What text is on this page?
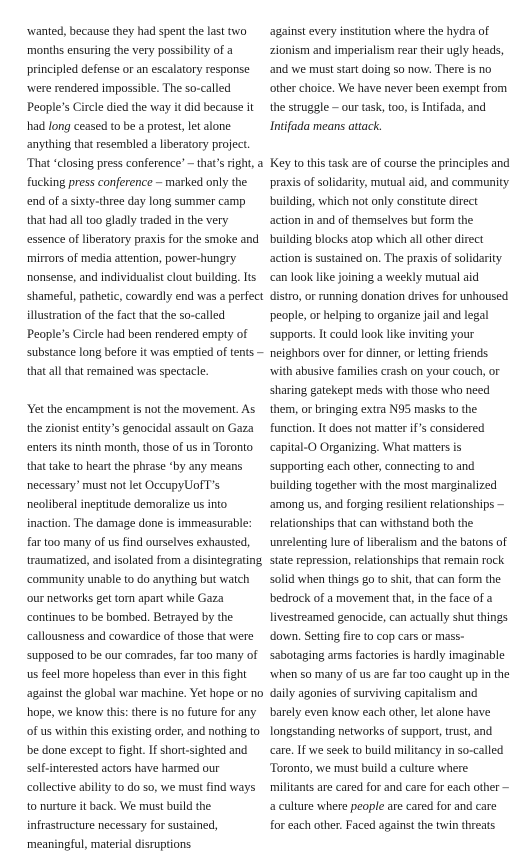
wanted, because they had spent the last two months ensuring the very possibility of a principled defense or an escalatory response were rendered impossible. The so-called People’s Circle died the way it did because it had long ceased to be a protest, let alone anything that resembled a liberatory project. That ‘closing press conference’ – that’s right, a fucking press conference – marked only the end of a sixty-three day long summer camp that had all too gladly traded in the very essence of liberatory praxis for the smoke and mirrors of media attention, power-hungry nonsense, and individualist clout building. Its shameful, pathetic, cowardly end was a perfect illustration of the fact that the so-called People’s Circle had been rendered empty of substance long before it was emptied of tents – that all that remained was spectacle.

Yet the encampment is not the movement. As the zionist entity’s genocidal assault on Gaza enters its ninth month, those of us in Toronto that take to heart the phrase ‘by any means necessary’ must not let OccupyUofT’s neoliberal ineptitude demoralize us into inaction. The damage done is immeasurable: far too many of us find ourselves exhausted, traumatized, and isolated from a disintegrating community unable to do anything but watch our networks get torn apart while Gaza continues to be bombed. Betrayed by the callousness and cowardice of those that were supposed to be our comrades, far too many of us feel more hopeless than ever in this fight against the global war machine. Yet hope or no hope, we know this: there is no future for any of us within this existing order, and nothing to be done except to fight. If short-sighted and self-interested actors have harmed our collective ability to do so, we must find ways to nurture it back. We must build the infrastructure necessary for sustained, meaningful, material disruptions

against every institution where the hydra of zionism and imperialism rear their ugly heads, and we must start doing so now. There is no other choice. We have never been exempt from the struggle – our task, too, is Intifada, and Intifada means attack.

Key to this task are of course the principles and praxis of solidarity, mutual aid, and community building, which not only constitute direct action in and of themselves but form the building blocks atop which all other direct action is sustained on. The praxis of solidarity can look like joining a weekly mutual aid distro, or running donation drives for unhoused people, or helping to organize jail and legal supports. It could look like inviting your neighbors over for dinner, or letting friends with abusive families crash on your couch, or sharing gatekept meds with those who need them, or bringing extra N95 masks to the function. It does not matter if’s considered capital-O Organizing. What matters is supporting each other, connecting to and building together with the most marginalized among us, and forging resilient relationships – relationships that can withstand both the unrelenting lure of liberalism and the batons of state repression, relationships that remain rock solid when things go to shit, that can form the bedrock of a movement that, in the face of a livestreamed genocide, can actually shut things down. Setting fire to cop cars or mass-sabotaging arms factories is hardly imaginable when so many of us are far too caught up in the daily agonies of surviving capitalism and barely even know each other, let alone have longstanding networks of support, trust, and care. If we seek to build militancy in so-called Toronto, we must build a culture where militants are cared for and care for each other – a culture where people are cared for and care for each other. Faced against the twin threats
